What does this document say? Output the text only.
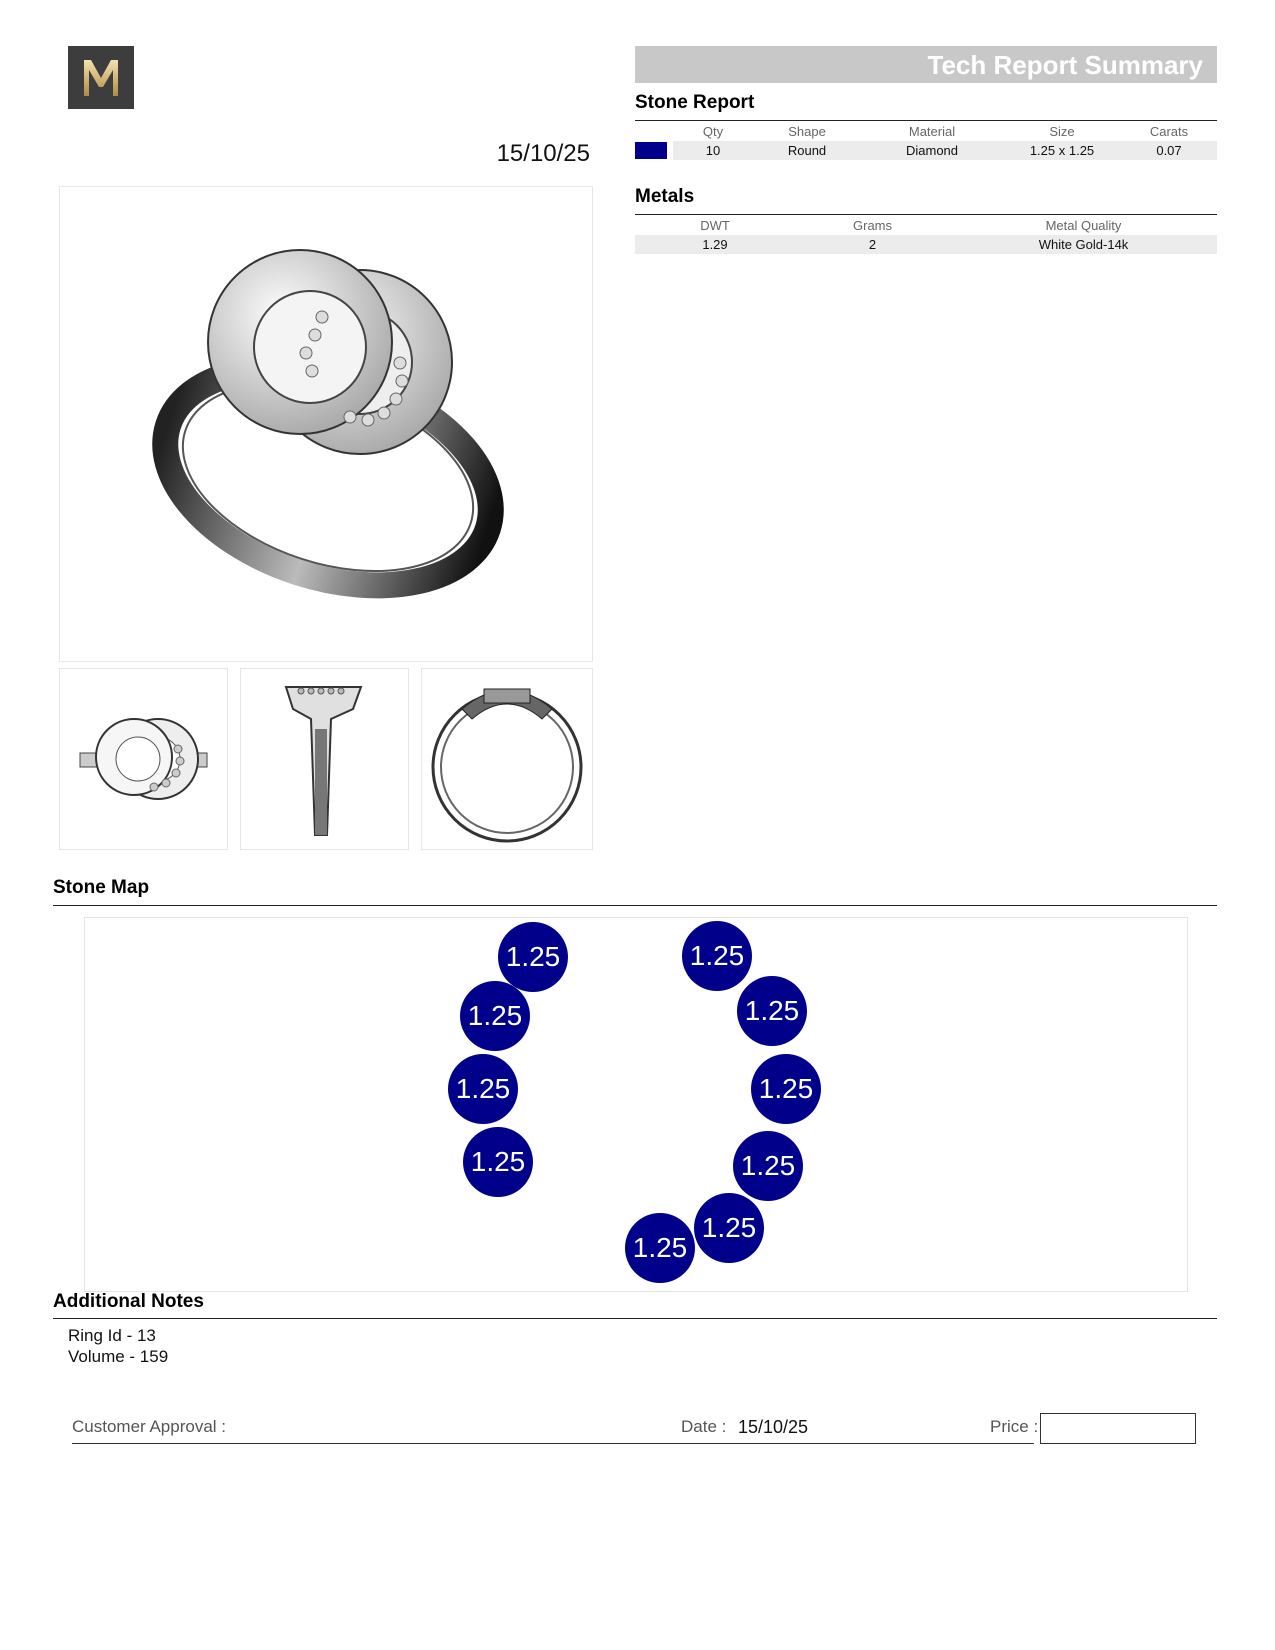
15/10/25
Tech Report Summary
Stone Report
	Qty	Shape	Material	Size	Carats
	10	Round	Diamond	1.25 x 1.25	0.07
Metals
DWT	Grams	Metal Quality
1.29	2	White Gold-14k
Stone Map
1.25	1.25
1.25	1.25
1.25	1.25
1.25	1.25
1.25
1.25
Additional Notes
Ring Id - 13
Volume - 159
Customer Approval :	Date : 15/10/25	Price :
